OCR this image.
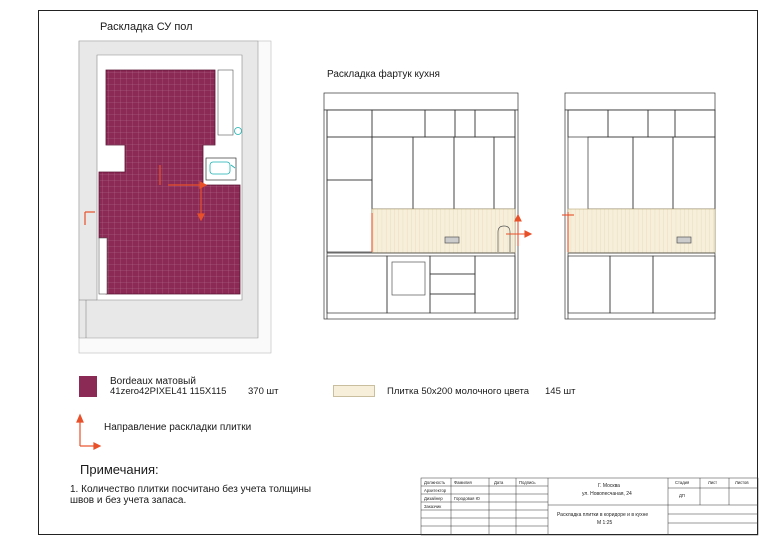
Раскладка СУ пол
Раскладка фартук кухня
Bordeaux матовый
41zero42PIXEL41 115X115 370 шт	Плитка 50x200 молочного цвета 145 шт
Направление раскладки плитки
Примечания:
1. Количество плитки посчитано без учета толщины
швов и без учета запаса.
Должность Фамилия	Дата	Подпись
Архитектор
Дизайнер	Городовая Ю
Заказчик
Г. Москва
ул. Новопесчаная, 24
Раскладка плитки в коридоре и в кухне
М 1:25
Стадия	Лист	Листов
ДП
